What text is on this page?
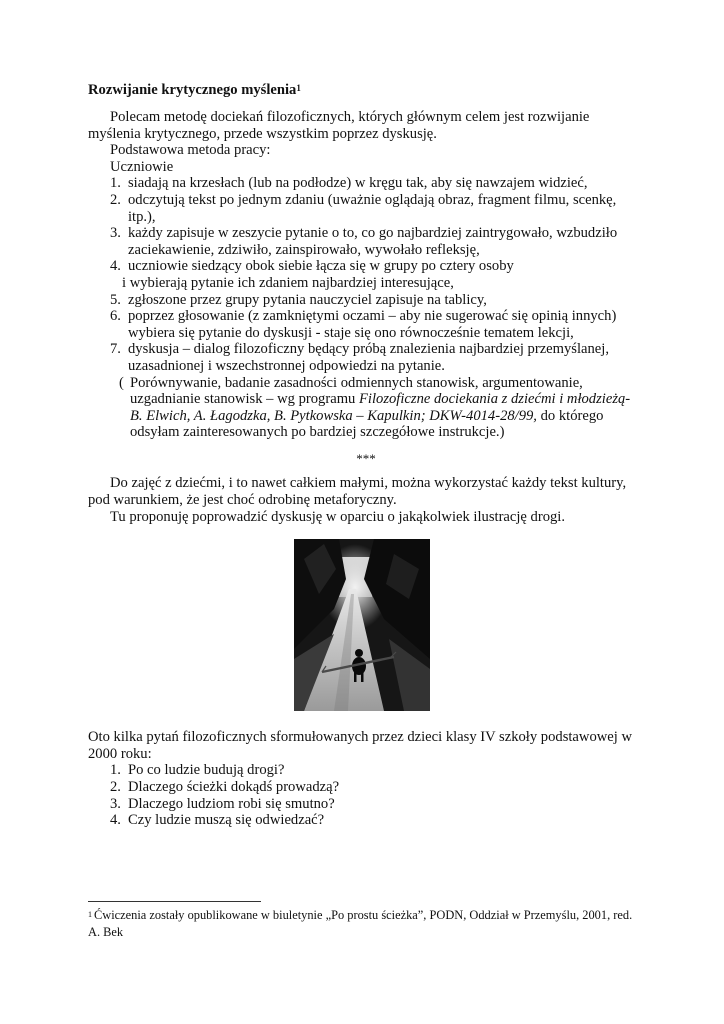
Rozwijanie krytycznego myślenia$^1$

Polecam metodę dociekań filozoficznych, których głównym celem jest rozwijanie myślenia krytycznego, przede wszystkim poprzez dyskusję.

Podstawowa metoda pracy:

Uczniowie

1. siadają na krzesłach (lub na podłodze) w kręgu tak, aby się nawzajem widzieć,
2. odczytują tekst po jednym zdaniu (uważnie oglądają obraz, fragment filmu, scenkę, itp.),
3. każdy zapisuje w zeszycie pytanie o to, co go najbardziej zaintrygowało, wzbudziło zaciekawienie, zdziwiło, zainspirowało, wywołało refleksję,
4. uczniowie siedzący obok siebie łącza się w grupy po cztery osoby
i wybierają pytanie ich zdaniem najbardziej interesujące,
5. zgłoszone przez grupy pytania nauczyciel zapisuje na tablicy,
6. poprzez głosowanie (z zamkniętymi oczami – aby nie sugerować się opinią innych) wybiera się pytanie do dyskusji - staje się ono równocześnie tematem lekcji,
7. dyskusja – dialog filozoficzny będący próbą znalezienia najbardziej przemyślanej, uzasadnionej i wszechstronnej odpowiedzi na pytanie.

( Porównywanie, badanie zasadności odmiennych stanowisk, argumentowanie, uzgadnianie stanowisk – wg programu Filozoficzne dociekania z dziećmi i młodzieżą- B. Elwich, A. Łagodzka, B. Pytkowska – Kapulkin; DKW-4014-28/99, do którego odsyłam zainteresowanych po bardziej szczegółowe instrukcje.)

***

Do zajęć z dziećmi, i to nawet całkiem małymi, można wykorzystać każdy tekst kultury, pod warunkiem, że jest choć odrobinę metaforyczny.

Tu proponuję poprowadzić dyskusję w oparciu o jakąkolwiek ilustrację drogi.

Oto kilka pytań filozoficznych sformułowanych przez dzieci klasy IV szkoły podstawowej w 2000 roku:

1. Po co ludzie budują drogi?
2. Dlaczego ścieżki dokądś prowadzą?
3. Dlaczego ludziom robi się smutno?
4. Czy ludzie muszą się odwiedzać?
$^1$ Ćwiczenia zostały opublikowane w biuletynie „Po prostu ścieżka”, PODN, Oddział w Przemyślu, 2001, red. A. Bek
